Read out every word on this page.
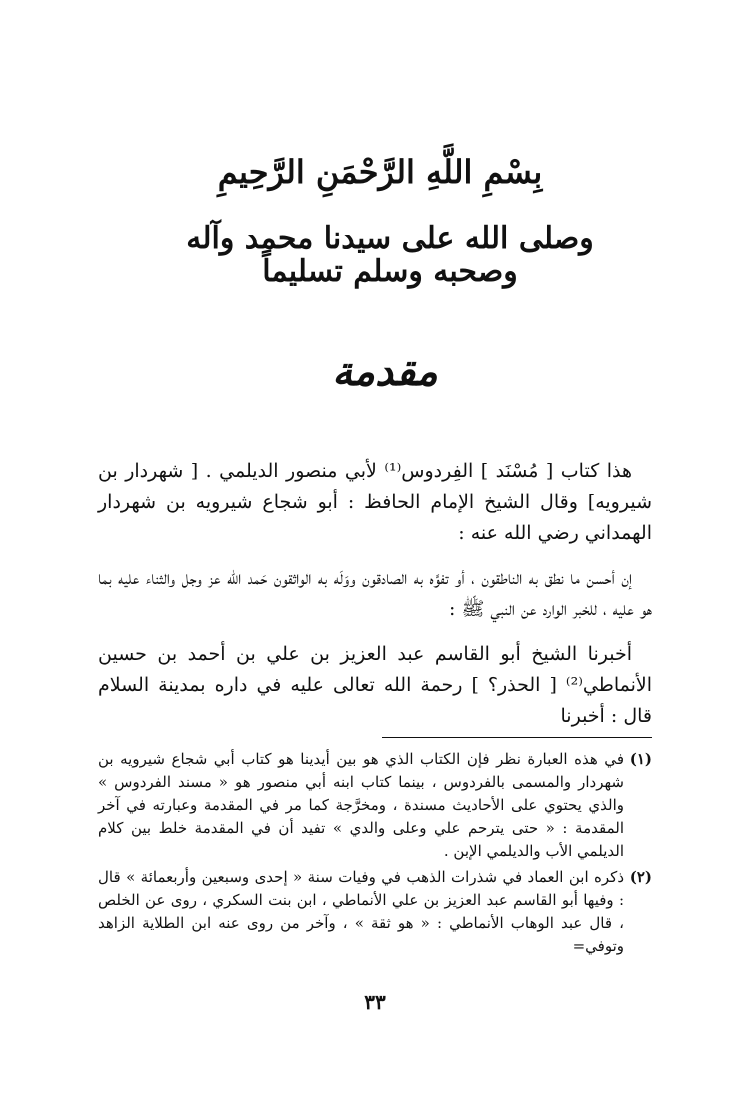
بِسْمِ اللَّهِ الرَّحْمَنِ الرَّحِيمِ
وصلى الله على سيدنا محمد وآله وصحبه وسلم تسليماً
مقدمة

هذا كتاب [ مُسْنَد ] الفِردوس⁽¹⁾ لأبي منصور الديلمي . [ شهردار بن شيرويه] وقال الشيخ الإمام الحافظ : أبو شجاع شيرويه بن شهردار الهمداني رضي الله عنه :

إن أحسن ما نطق به الناطقون ، أو تفوَّه به الصادقون ووَلَه به الواثقون حَمد الله عز وجل والثناء عليه بما هو عليه ، للخبر الوارد عن النبي ﷺ :

أخبرنا الشيخ أبو القاسم عبد العزيز بن علي بن أحمد بن حسين الأنماطي⁽²⁾ [ الحذر؟ ] رحمة الله تعالى عليه في داره بمدينة السلام قال : أخبرنا

(١)
في هذه العبارة نظر فإن الكتاب الذي هو بين أيدينا هو كتاب أبي شجاع شيرويه بن شهردار والمسمى بالفردوس ، بينما كتاب ابنه أبي منصور هو « مسند الفردوس » والذي يحتوي على الأحاديث مسندة ، ومخرَّجة كما مر في المقدمة وعبارته في آخر المقدمة : « حتى يترحم علي وعلى والدي » تفيد أن في المقدمة خلط بين كلام الديلمي الأب والديلمي الإبن .
(٢)
ذكره ابن العماد في شذرات الذهب في وفيات سنة « إحدى وسبعين وأربعمائة » قال : وفيها أبو القاسم عبد العزيز بن علي الأنماطي ، ابن بنت السكري ، روى عن الخلص ، قال عبد الوهاب الأنماطي : « هو ثقة » ، وآخر من روى عنه ابن الطلاية الزاهد وتوفي=
٣٣
